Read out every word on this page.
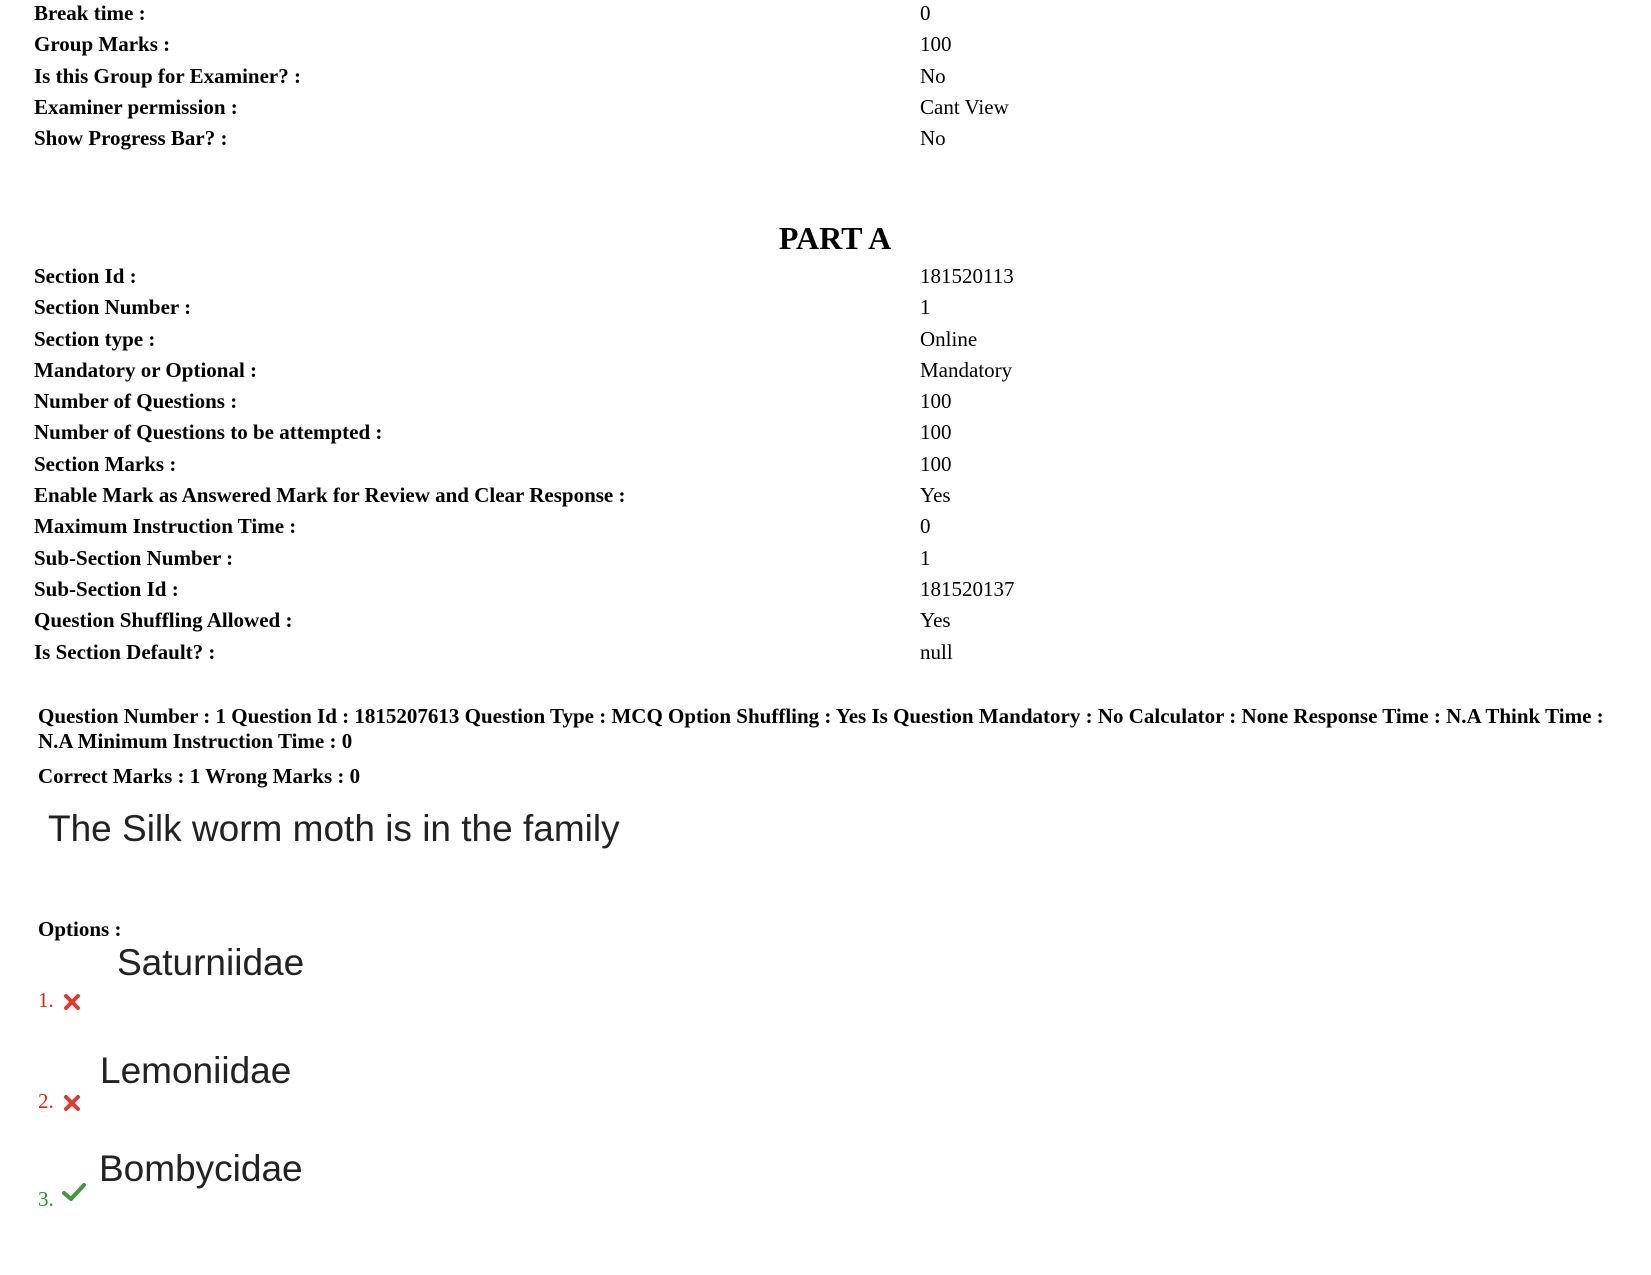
Break time :	0
Group Marks :	100
Is this Group for Examiner? :	No
Examiner permission :	Cant View
Show Progress Bar? :	No
PART A
Section Id :	181520113
Section Number :	1
Section type :	Online
Mandatory or Optional :	Mandatory
Number of Questions :	100
Number of Questions to be attempted :	100
Section Marks :	100
Enable Mark as Answered Mark for Review and Clear Response :	Yes
Maximum Instruction Time :	0
Sub-Section Number :	1
Sub-Section Id :	181520137
Question Shuffling Allowed :	Yes
Is Section Default? :	null
Question Number : 1 Question Id : 1815207613 Question Type : MCQ Option Shuffling : Yes Is Question Mandatory : No Calculator : None Response Time : N.A Think Time : N.A Minimum Instruction Time : 0
Correct Marks : 1 Wrong Marks : 0
The Silk worm moth is in the family
Options :
1.
Saturniidae
2.
Lemoniidae
3.
Bombycidae
